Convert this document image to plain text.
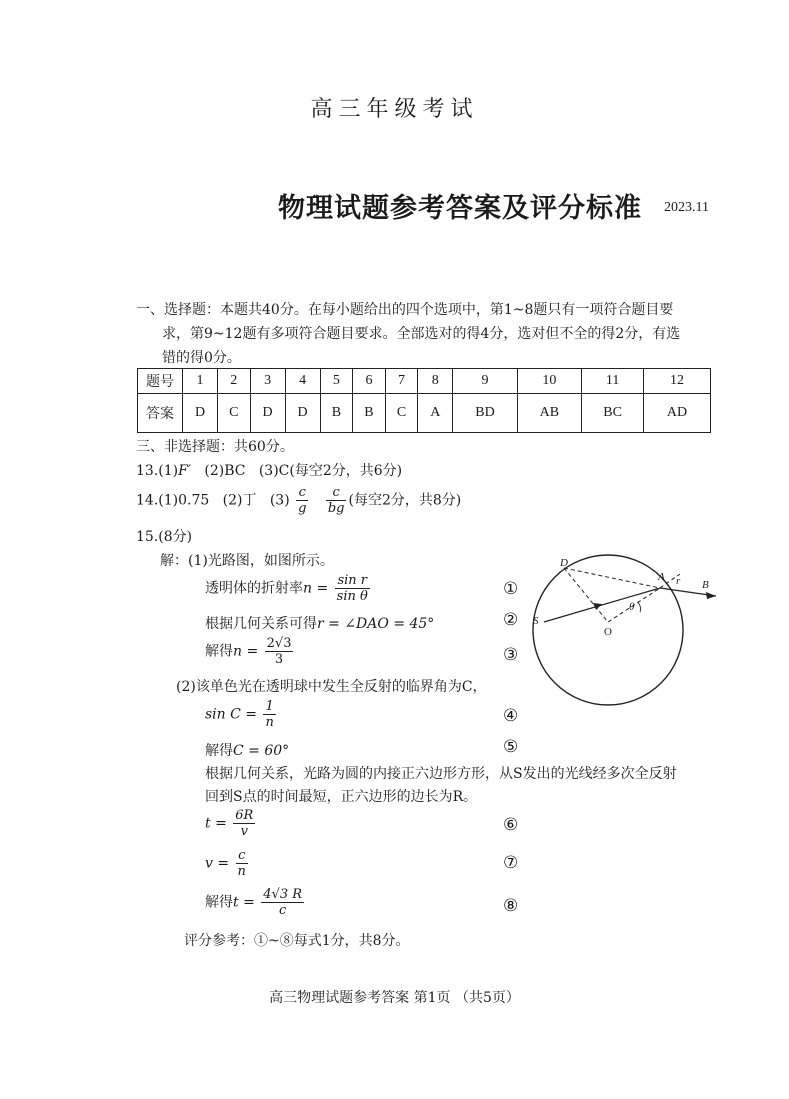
高三年级考试
物理试题参考答案及评分标准 2023.11
一、选择题：本题共40分。在每小题给出的四个选项中，第1~8题只有一项符合题目要
求，第9~12题有多项符合题目要求。全部选对的得4分，选对但不全的得2分，有选
错的得0分。
题号	1	2	3	4	5	6	7	8	9	10	11	12
答案	D	C	D	D	B	B	C	A	BD	AB	BC	AD
三、非选择题：共60分。
13.(1)F′ (2)BC (3)C(每空2分，共6分)
14.(1)0.75 (2)丁 $(3) \frac{c}{g}$
$\frac{c}{bg}$ (每空2分，共8分)
15.(8分)
解：(1)光路图，如图所示。
透明体的折射率$n = \frac{\text{sin r}}{\text{sin θ}}$	①
根据几何关系可得r = ∠DAO = 45°	②
解得$n = \frac{2√3}{3}$	③
(2)该单色光在透明球中发生全反射的临界角为C，
$\sin C = \frac{1}{n}$	④
解得C = 60°	⑤
根据几何关系，光路为圆的内接正六边形方形，从S发出的光线经多次全反射
回到S点的时间最短，正六边形的边长为R。
$t = \frac{6R}{v}$	⑥
$v = \frac{c}{n}$	⑦
解得$t = \frac{4√3 R}{c}$	⑧
评分参考：①~⑧每式1分，共8分。
D
A r B
S
O
θ
高三物理试题参考答案 第1页 （共5页）
